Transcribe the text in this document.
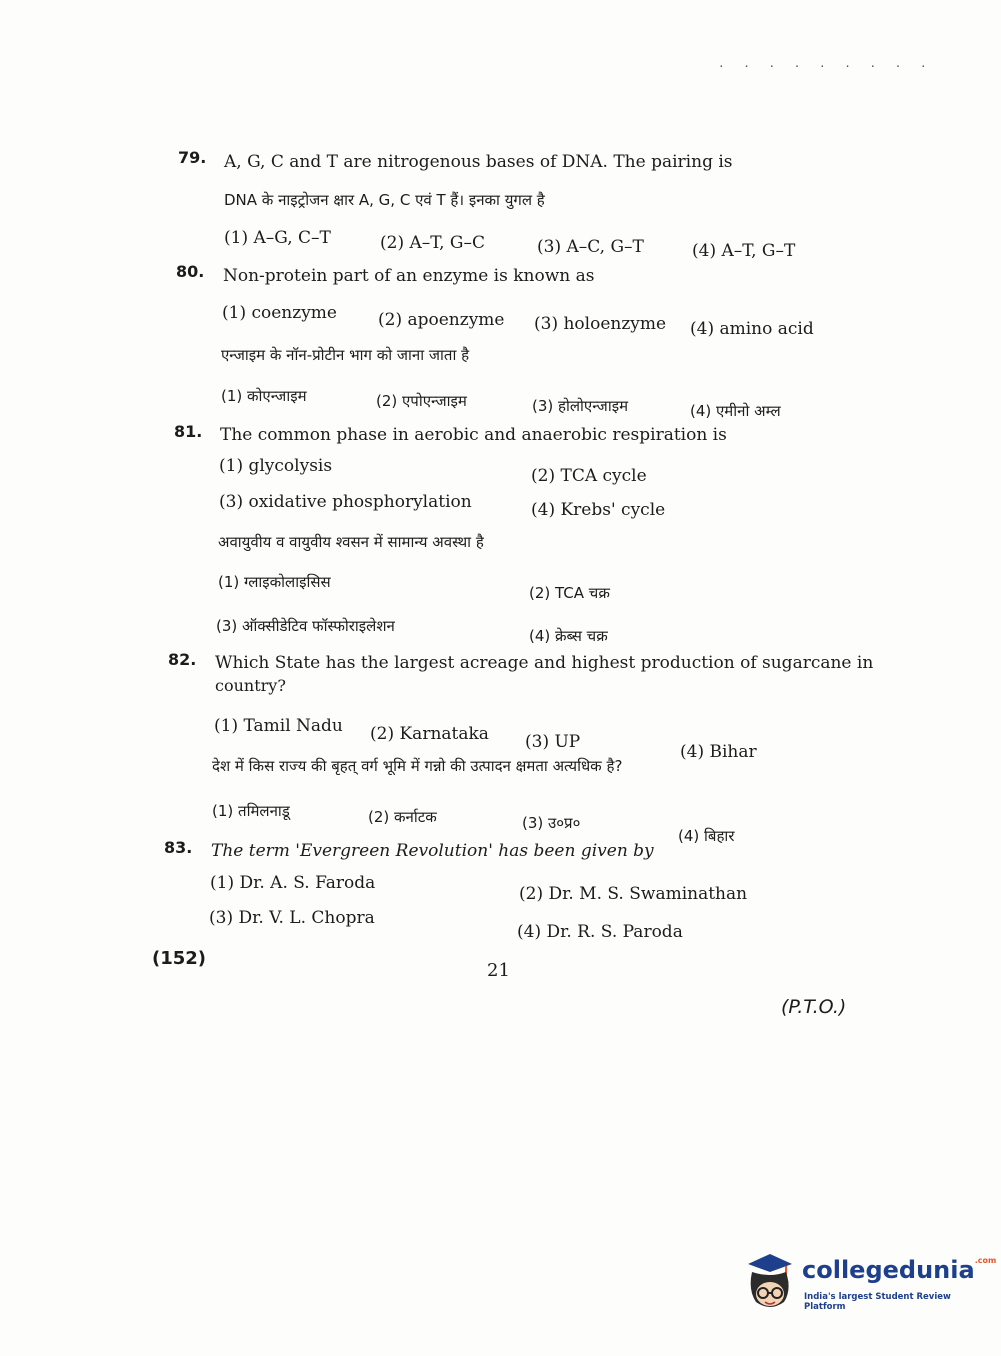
· · · · · · · · ·
79. A, G, C and T are nitrogenous bases of DNA. The pairing is
DNA के नाइट्रोजन क्षार A, G, C एवं T हैं। इनका युगल है
(1) A–G, C–T	(2) A–T, G–C	(3) A–C, G–T	(4) A–T, G–T
80. Non-protein part of an enzyme is known as
(1) coenzyme (2) apoenzyme (3) holoenzyme (4) amino acid
एन्जाइम के नॉन-प्रोटीन भाग को जाना जाता है
(1) कोएन्जाइम	(2) एपोएन्जाइम	(3) होलोएन्जाइम	(4) एमीनो अम्ल
81. The common phase in aerobic and anaerobic respiration is
(1) glycolysis	(2) TCA cycle
(3) oxidative phosphorylation	(4) Krebs' cycle
अवायुवीय व वायुवीय श्वसन में सामान्य अवस्था है
(1) ग्लाइकोलाइसिस
(2) TCA चक्र
(3) ऑक्सीडेटिव फॉस्फोराइलेशन
(4) क्रेब्स चक्र
82. Which State has the largest acreage and highest production of sugarcane in
country?
(1) Tamil Nadu (2) Karnataka (3) UP	(4) Bihar
देश में किस राज्य की बृहत् वर्ग भूमि में गन्नो की उत्पादन क्षमता अत्यधिक है?
(1) तमिलनाडू	(2) कर्नाटक	(3) उ०प्र०
(4) बिहार
83. The term 'Evergreen Revolution' has been given by
(1) Dr. A. S. Faroda
(2) Dr. M. S. Swaminathan
(3) Dr. V. L. Chopra
(4) Dr. R. S. Paroda
(152)
21
(P.T.O.)
collegedunia$^{.com}$
India's largest Student Review Platform
